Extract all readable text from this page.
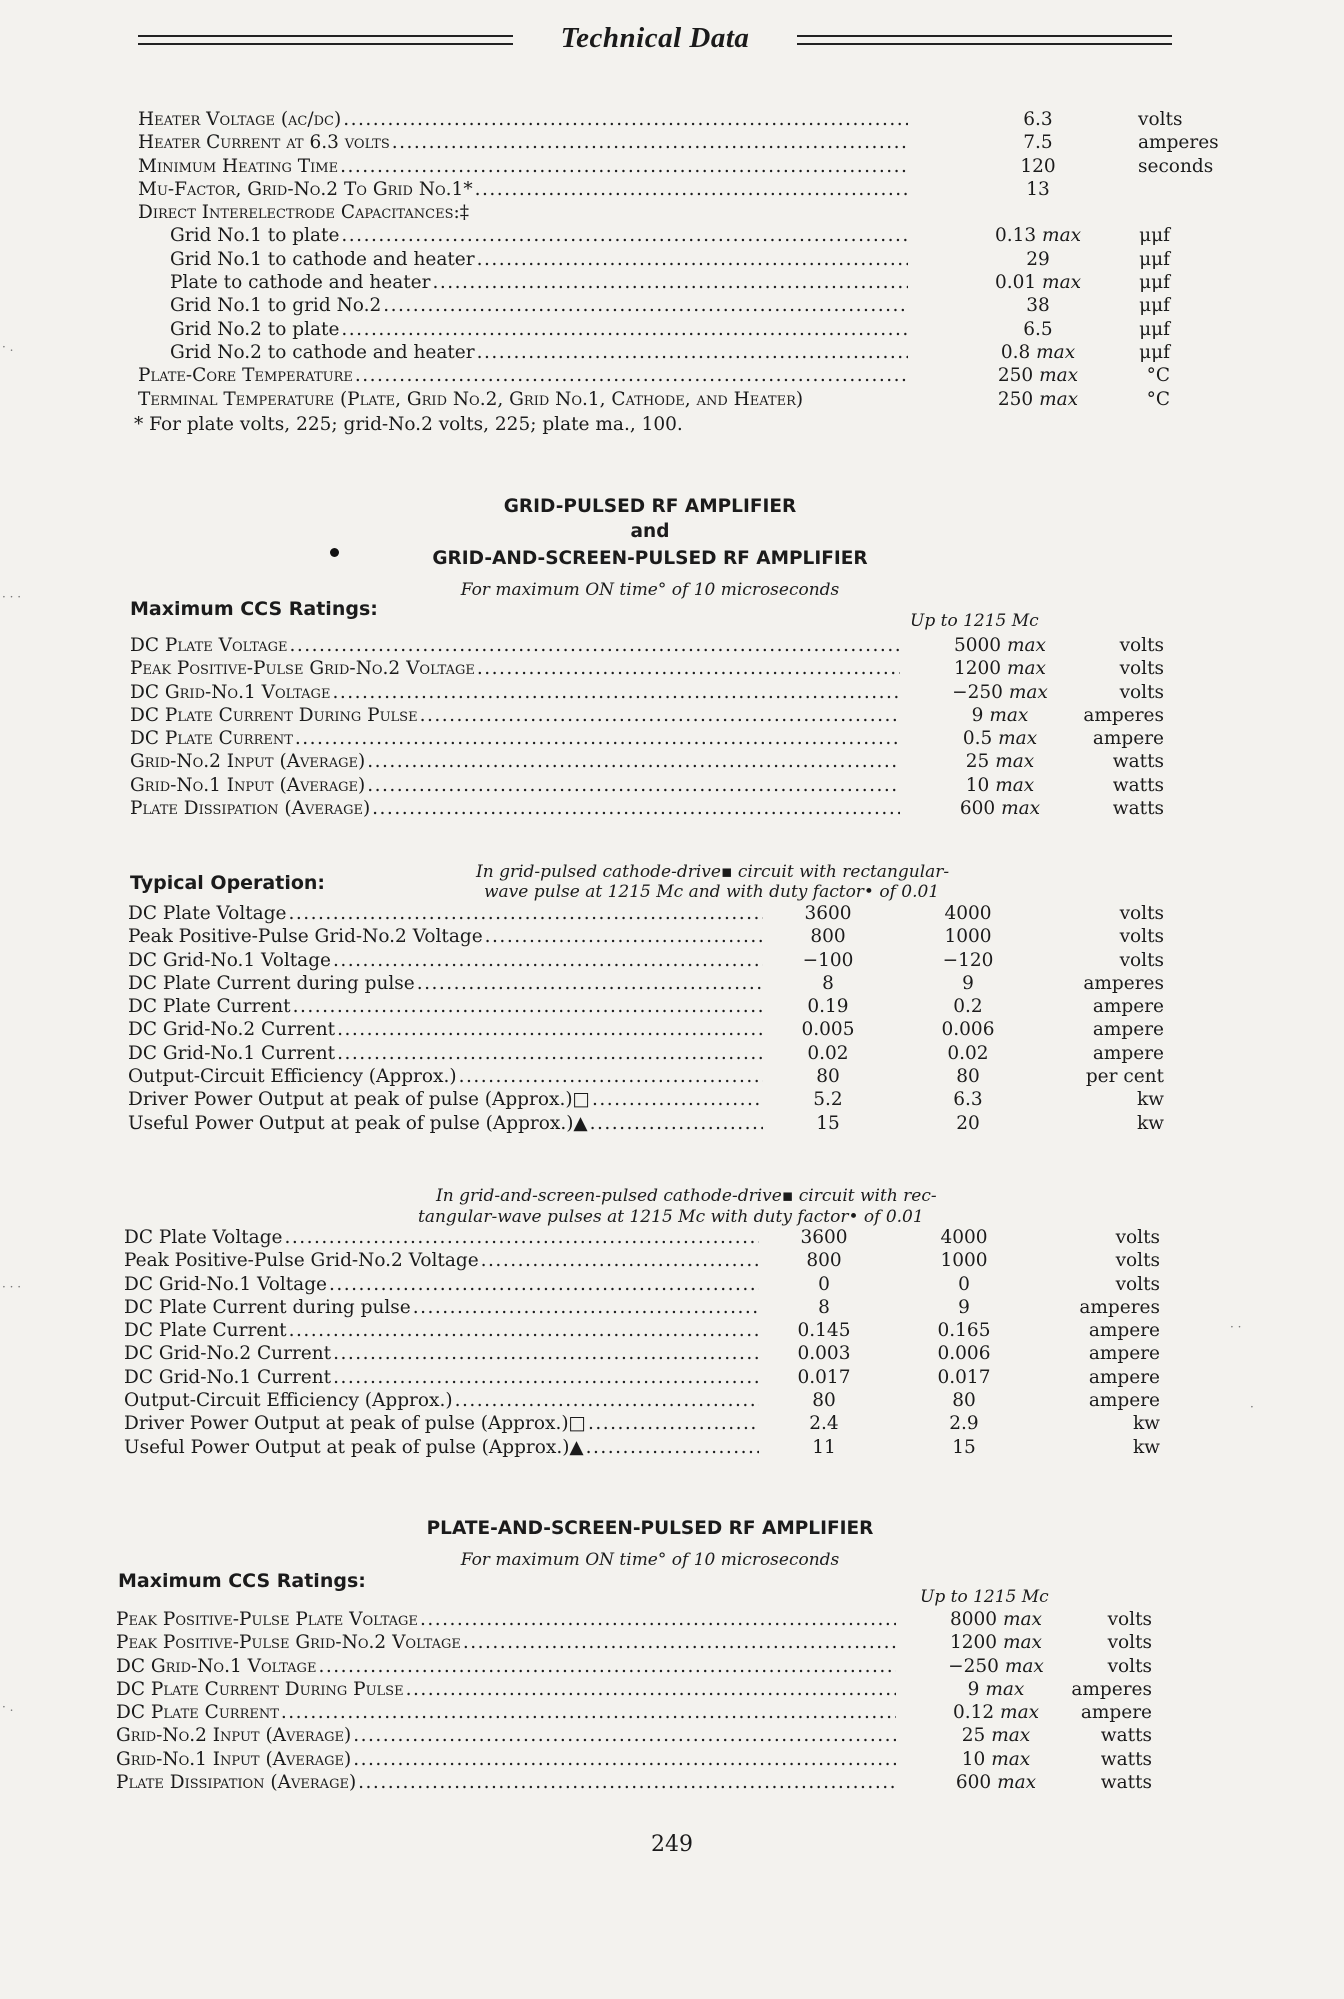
Technical Data
Heater Voltage (ac/dc) .....	6.3	volts
Heater Current at 6.3 volts .....	7.5	amperes
Minimum Heating Time .....	120	seconds
Mu-Factor, Grid-No.2 To Grid No.1* .....	13
Direct Interelectrode Capacitances:‡
Grid No.1 to plate .....	0.13 max	μμf
Grid No.1 to cathode and heater .....	29	μμf
Plate to cathode and heater .....	0.01 max	μμf
Grid No.1 to grid No.2 .....	38	μμf
Grid No.2 to plate .....	6.5	μμf
Grid No.2 to cathode and heater .....	0.8 max	μμf
Plate-Core Temperature .....	250 max	°C
Terminal Temperature (Plate, Grid No.2, Grid No.1, Cathode, and Heater)	250 max	°C
* For plate volts, 225; grid-No.2 volts, 225; plate ma., 100.
GRID-PULSED RF AMPLIFIER
and
GRID-AND-SCREEN-PULSED RF AMPLIFIER
For maximum ON time° of 10 microseconds
Maximum CCS Ratings:
Up to 1215 Mc
DC Plate Voltage .....	5000 max	volts
Peak Positive-Pulse Grid-No.2 Voltage .....	1200 max	volts
DC Grid-No.1 Voltage .....	−250 max	volts
DC Plate Current During Pulse .....	9 max	amperes
DC Plate Current .....	0.5 max	ampere
Grid-No.2 Input (Average) .....	25 max	watts
Grid-No.1 Input (Average) .....	10 max	watts
Plate Dissipation (Average) .....	600 max	watts
Typical Operation:	In grid-pulsed cathode-drive▪ circuit with rectangular-
wave pulse at 1215 Mc and with duty factor• of 0.01
DC Plate Voltage .....	3600	4000	volts
Peak Positive-Pulse Grid-No.2 Voltage .....	800	1000	volts
DC Grid-No.1 Voltage .....	−100	−120	volts
DC Plate Current during pulse .....	8	9	amperes
DC Plate Current .....	0.19	0.2	ampere
DC Grid-No.2 Current .....	0.005	0.006	ampere
DC Grid-No.1 Current .....	0.02	0.02	ampere
Output-Circuit Efficiency (Approx.) .....	80	80	per cent
Driver Power Output at peak of pulse (Approx.)□ .....	5.2	6.3	kw
Useful Power Output at peak of pulse (Approx.)▲ .....	15	20	kw
In grid-and-screen-pulsed cathode-drive▪ circuit with rec-
tangular-wave pulses at 1215 Mc with duty factor• of 0.01
DC Plate Voltage .....	3600	4000	volts
Peak Positive-Pulse Grid-No.2 Voltage .....	800	1000	volts
DC Grid-No.1 Voltage .....	0	0	volts
DC Plate Current during pulse .....	8	9	amperes
DC Plate Current .....	0.145	0.165	ampere
DC Grid-No.2 Current .....	0.003	0.006	ampere
DC Grid-No.1 Current .....	0.017	0.017	ampere
Output-Circuit Efficiency (Approx.) .....	80	80	ampere
Driver Power Output at peak of pulse (Approx.)□ .....	2.4	2.9	kw
Useful Power Output at peak of pulse (Approx.)▲ .....	11	15	kw
PLATE-AND-SCREEN-PULSED RF AMPLIFIER
For maximum ON time° of 10 microseconds
Maximum CCS Ratings:
Up to 1215 Mc
Peak Positive-Pulse Plate Voltage .....	8000 max	volts
Peak Positive-Pulse Grid-No.2 Voltage .....	1200 max	volts
DC Grid-No.1 Voltage .....	−250 max	volts
DC Plate Current During Pulse .....	9 max	amperes
DC Plate Current .....	0.12 max	ampere
Grid-No.2 Input (Average) .....	25 max	watts
Grid-No.1 Input (Average) .....	10 max	watts
Plate Dissipation (Average) .....	600 max	watts
249
· .
· · ·
· · ·
· .
· ·
·
